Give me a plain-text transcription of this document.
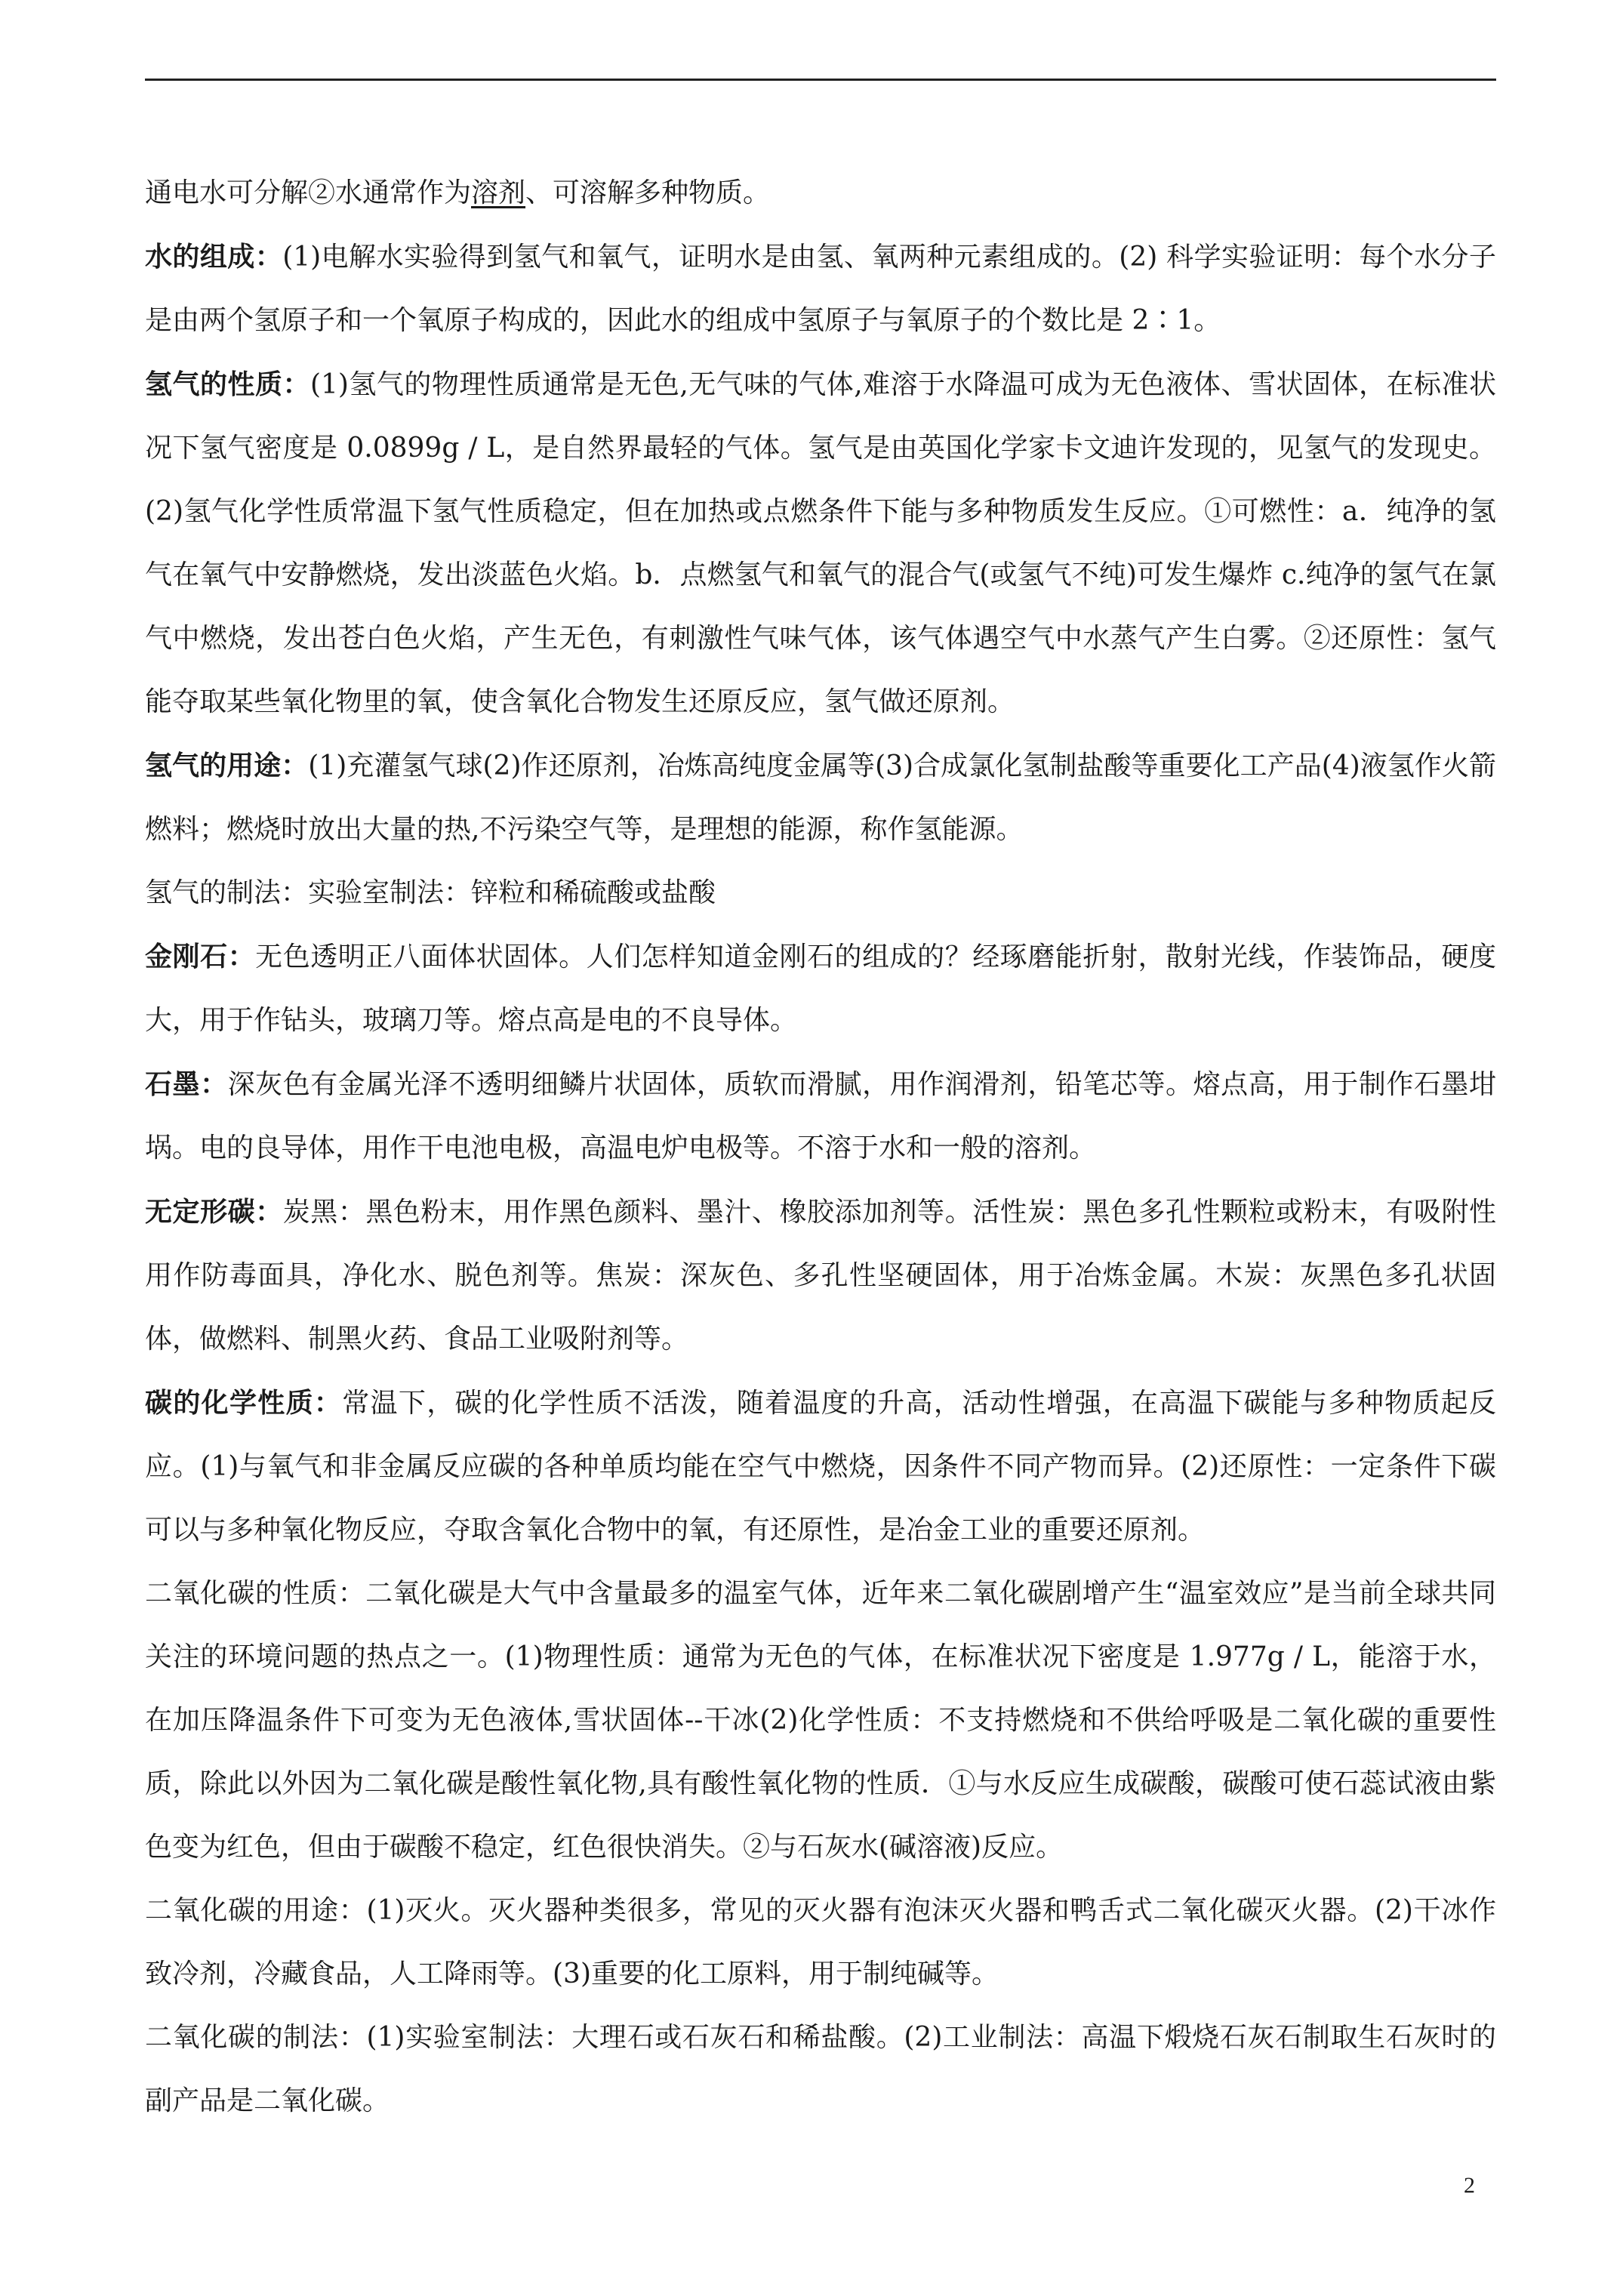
通电水可分解②水通常作为溶剂、可溶解多种物质。

水的组成：(1)电解水实验得到氢气和氧气，证明水是由氢、氧两种元素组成的。(2) 科学实验证明：每个水分子是由两个氢原子和一个氧原子构成的，因此水的组成中氢原子与氧原子的个数比是 2∶1。

氢气的性质：(1)氢气的物理性质通常是无色,无气味的气体,难溶于水降温可成为无色液体、雪状固体，在标准状况下氢气密度是 0.0899g / L，是自然界最轻的气体。氢气是由英国化学家卡文迪许发现的，见氢气的发现史。(2)氢气化学性质常温下氢气性质稳定，但在加热或点燃条件下能与多种物质发生反应。①可燃性：a．纯净的氢气在氧气中安静燃烧，发出淡蓝色火焰。b．点燃氢气和氧气的混合气(或氢气不纯)可发生爆炸 c.纯净的氢气在氯气中燃烧，发出苍白色火焰，产生无色，有刺激性气味气体，该气体遇空气中水蒸气产生白雾。②还原性：氢气能夺取某些氧化物里的氧，使含氧化合物发生还原反应，氢气做还原剂。

氢气的用途：(1)充灌氢气球(2)作还原剂，冶炼高纯度金属等(3)合成氯化氢制盐酸等重要化工产品(4)液氢作火箭燃料；燃烧时放出大量的热,不污染空气等，是理想的能源，称作氢能源。

氢气的制法：实验室制法：锌粒和稀硫酸或盐酸

金刚石：无色透明正八面体状固体。人们怎样知道金刚石的组成的？经琢磨能折射，散射光线，作装饰品，硬度大，用于作钻头，玻璃刀等。熔点高是电的不良导体。

石墨：深灰色有金属光泽不透明细鳞片状固体，质软而滑腻，用作润滑剂，铅笔芯等。熔点高，用于制作石墨坩埚。电的良导体，用作干电池电极，高温电炉电极等。不溶于水和一般的溶剂。

无定形碳：炭黑：黑色粉末，用作黑色颜料、墨汁、橡胶添加剂等。活性炭：黑色多孔性颗粒或粉末，有吸附性用作防毒面具，净化水、脱色剂等。焦炭：深灰色、多孔性坚硬固体，用于冶炼金属。木炭：灰黑色多孔状固体，做燃料、制黑火药、食品工业吸附剂等。

碳的化学性质：常温下，碳的化学性质不活泼，随着温度的升高，活动性增强，在高温下碳能与多种物质起反应。(1)与氧气和非金属反应碳的各种单质均能在空气中燃烧，因条件不同产物而异。(2)还原性：一定条件下碳可以与多种氧化物反应，夺取含氧化合物中的氧，有还原性，是冶金工业的重要还原剂。

二氧化碳的性质：二氧化碳是大气中含量最多的温室气体，近年来二氧化碳剧增产生“温室效应”是当前全球共同关注的环境问题的热点之一。(1)物理性质：通常为无色的气体，在标准状况下密度是 1.977g / L，能溶于水，在加压降温条件下可变为无色液体,雪状固体--干冰(2)化学性质：不支持燃烧和不供给呼吸是二氧化碳的重要性质，除此以外因为二氧化碳是酸性氧化物,具有酸性氧化物的性质．①与水反应生成碳酸，碳酸可使石蕊试液由紫色变为红色，但由于碳酸不稳定，红色很快消失。②与石灰水(碱溶液)反应。

二氧化碳的用途：(1)灭火。灭火器种类很多，常见的灭火器有泡沫灭火器和鸭舌式二氧化碳灭火器。(2)干冰作致冷剂，冷藏食品，人工降雨等。(3)重要的化工原料，用于制纯碱等。

二氧化碳的制法：(1)实验室制法：大理石或石灰石和稀盐酸。(2)工业制法：高温下煅烧石灰石制取生石灰时的副产品是二氧化碳。

2
